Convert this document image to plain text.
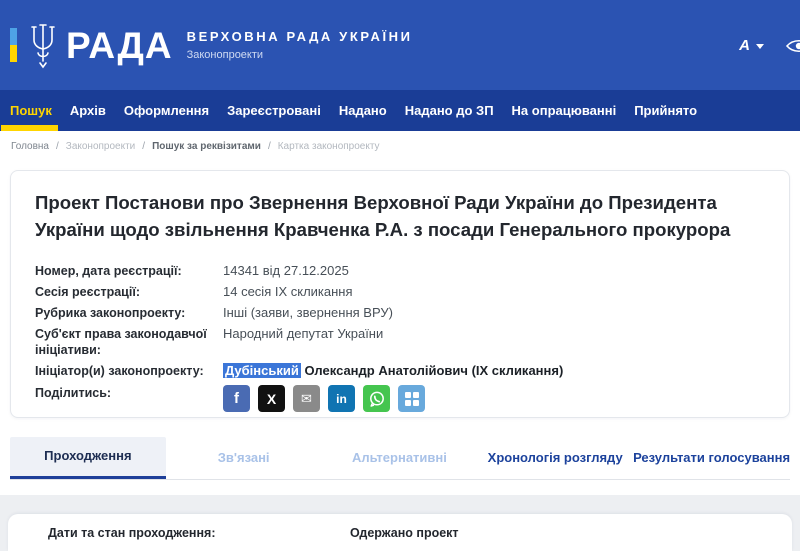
РАДА ВЕРХОВНА РАДА УКРАЇНИ
Законопроекти
A
Пошук	Архів	Оформлення	Зареєстровані	Надано	Надано до ЗП	На опрацюванні	Прийнято
Головна / Законопроекти / Пошук за реквізитами / Картка законопроекту
Проект Постанови про Звернення Верховної Ради України до Президента України щодо звільнення Кравченка Р.А. з посади Генерального прокурора
Номер, дата реєстрації:	14341 від 27.12.2025
Сесія реєстрації:	14 сесія IX скликання
Рубрика законопроекту:	Інші (заяви, звернення ВРУ)
Суб'єкт права законодавчої ініціативи:
Народний депутат України
Ініціатор(и) законопроекту:	Дубінський Олександр Анатолійович (IX скликання)
Поділитись:	f X ✉ in
Проходження	Зв'язані	Альтернативні	Хронологія розгляду Результати голосування
Дати та стан проходження:	Одержано проект
